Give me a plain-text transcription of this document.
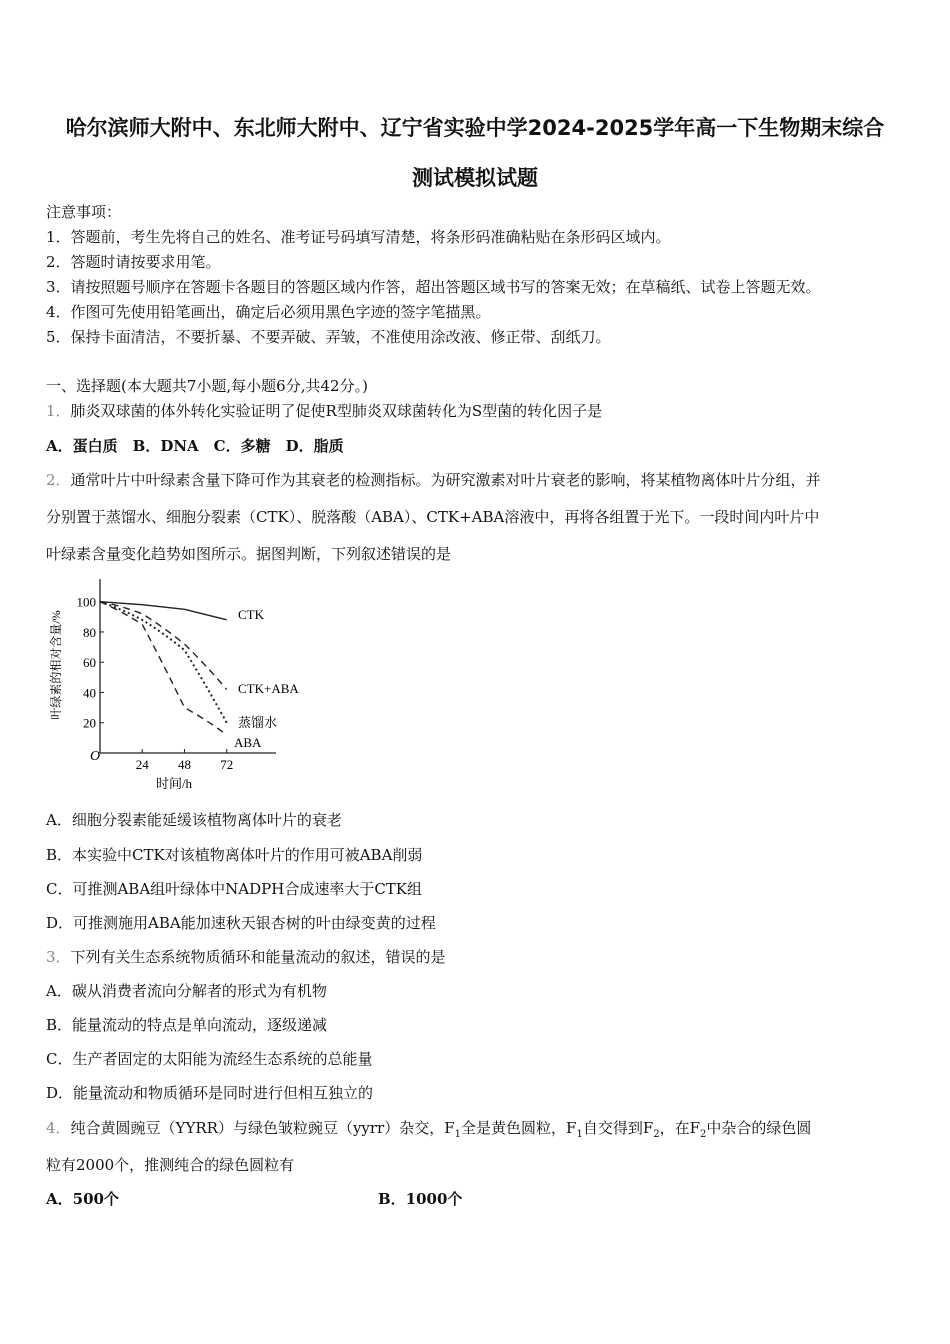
哈尔滨师大附中、东北师大附中、辽宁省实验中学2024-2025学年高一下生物期末综合
测试模拟试题
注意事项：
1．答题前，考生先将自己的姓名、准考证号码填写清楚，将条形码准确粘贴在条形码区域内。
2．答题时请按要求用笔。
3．请按照题号顺序在答题卡各题目的答题区域内作答，超出答题区域书写的答案无效；在草稿纸、试卷上答题无效。
4．作图可先使用铅笔画出，确定后必须用黑色字迹的签字笔描黑。
5．保持卡面清洁，不要折暴、不要弄破、弄皱，不准使用涂改液、修正带、刮纸刀。
一、选择题(本大题共7小题,每小题6分,共42分。)
1．肺炎双球菌的体外转化实验证明了促使R型肺炎双球菌转化为S型菌的转化因子是
A．蛋白质　B．DNA　C．多糖　D．脂质
2．通常叶片中叶绿素含量下降可作为其衰老的检测指标。为研究激素对叶片衰老的影响，将某植物离体叶片分组，并
分别置于蒸馏水、细胞分裂素（CTK）、脱落酸（ABA）、CTK+ABA溶液中，再将各组置于光下。一段时间内叶片中
叶绿素含量变化趋势如图所示。据图判断，下列叙述错误的是
O
24 48 72
100
80
60
40
20
时间/h
叶绿素的相对含量/%	CTK
CTK+ABA
蒸馏水
ABA
A．细胞分裂素能延缓该植物离体叶片的衰老
B．本实验中CTK对该植物离体叶片的作用可被ABA削弱
C．可推测ABA组叶绿体中NADPH合成速率大于CTK组
D．可推测施用ABA能加速秋天银杏树的叶由绿变黄的过程
3．下列有关生态系统物质循环和能量流动的叙述，错误的是
A．碳从消费者流向分解者的形式为有机物
B．能量流动的特点是单向流动，逐级递减
C．生产者固定的太阳能为流经生态系统的总能量
D．能量流动和物质循环是同时进行但相互独立的
4．纯合黄圆豌豆（YYRR）与绿色皱粒豌豆（yyrr）杂交，$F_1$全是黄色圆粒，$F_1$自交得到$F_2$，在$F_2$中杂合的绿色圆
粒有2000个，推测纯合的绿色圆粒有
A．500个	B．1000个
